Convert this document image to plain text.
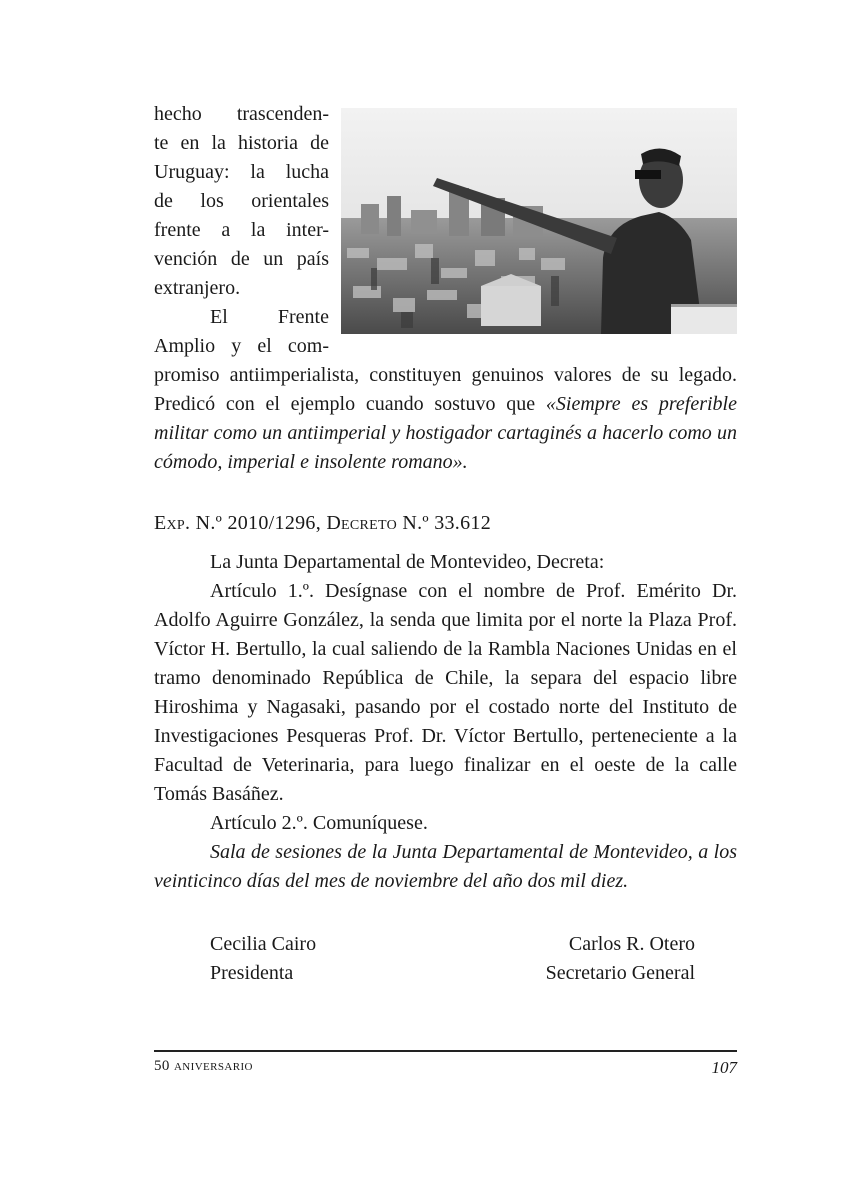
hecho trascenden-
te en la historia de
Uruguay: la lucha
de los orientales
frente a la inter-
vención de un país
extranjero.
El Frente
Amplio y el com-

promiso antiimperialista, constituyen genuinos valores de su legado. Predicó con el ejemplo cuando sostuvo que «Siempre es preferible militar como un antiimperial y hostigador cartaginés a hacerlo como un cómodo, imperial e insolente romano».

Exp. N.º 2010/1296, Decreto N.º 33.612

La Junta Departamental de Montevideo, Decreta:

Artículo 1.º. Desígnase con el nombre de Prof. Emérito Dr. Adolfo Aguirre González, la senda que limita por el norte la Plaza Prof. Víctor H. Bertullo, la cual saliendo de la Rambla Naciones Unidas en el tramo denominado República de Chile, la separa del espacio libre Hiroshima y Nagasaki, pasando por el costado norte del Instituto de Investigaciones Pesqueras Prof. Dr. Víctor Bertullo, perteneciente a la Facultad de Veterinaria, para luego finalizar en el oeste de la calle Tomás Basáñez.

Artículo 2.º. Comuníquese.

Sala de sesiones de la Junta Departamental de Montevideo, a los veinticinco días del mes de noviembre del año dos mil diez.

Cecilia Cairo
Presidenta
Carlos R. Otero
Secretario General
50 aniversario	107
